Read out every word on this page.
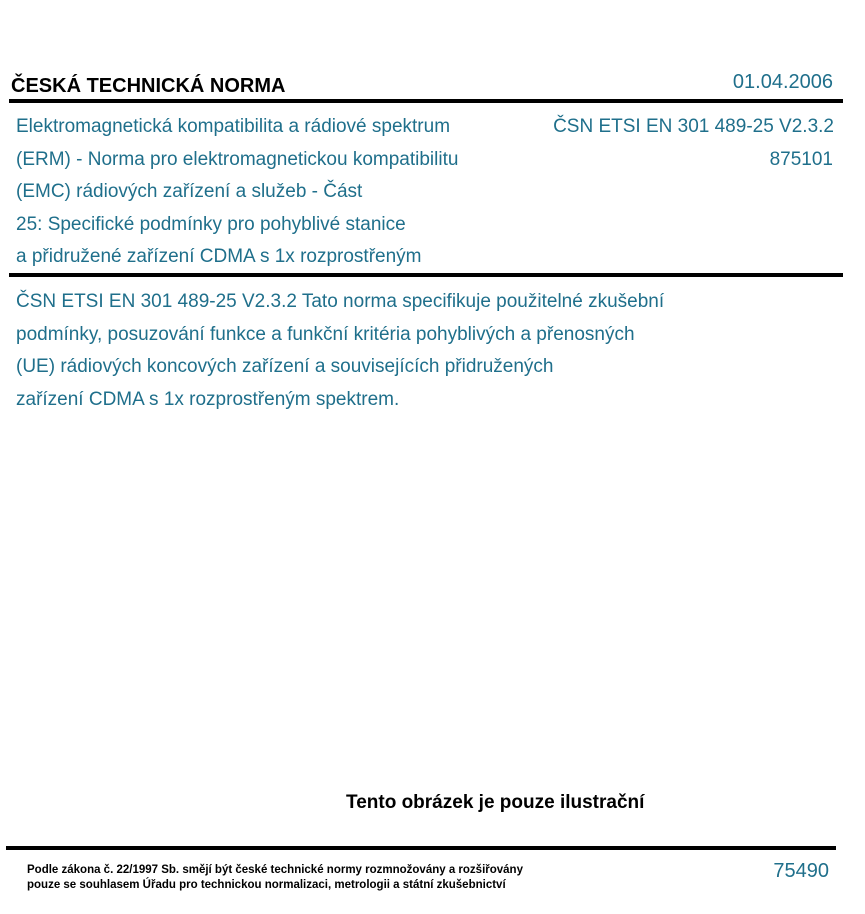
ČESKÁ TECHNICKÁ NORMA	01.04.2006
Elektromagnetická kompatibilita a rádiové spektrum
(ERM) - Norma pro elektromagnetickou kompatibilitu
(EMC) rádiových zařízení a služeb - Část
25: Specifické podmínky pro pohyblivé stanice
a přidružené zařízení CDMA s 1x rozprostřeným
ČSN ETSI EN 301 489-25 V2.3.2
875101
ČSN ETSI EN 301 489-25 V2.3.2 Tato norma specifikuje použitelné zkušební
podmínky, posuzování funkce a funkční kritéria pohyblivých a přenosných
(UE) rádiových koncových zařízení a souvisejících přidružených
zařízení CDMA s 1x rozprostřeným spektrem.
Tento obrázek je pouze ilustrační
Podle zákona č. 22/1997 Sb. smějí být české technické normy rozmnožovány a rozšiřovány
pouze se souhlasem Úřadu pro technickou normalizaci, metrologii a státní zkušebnictví
75490
